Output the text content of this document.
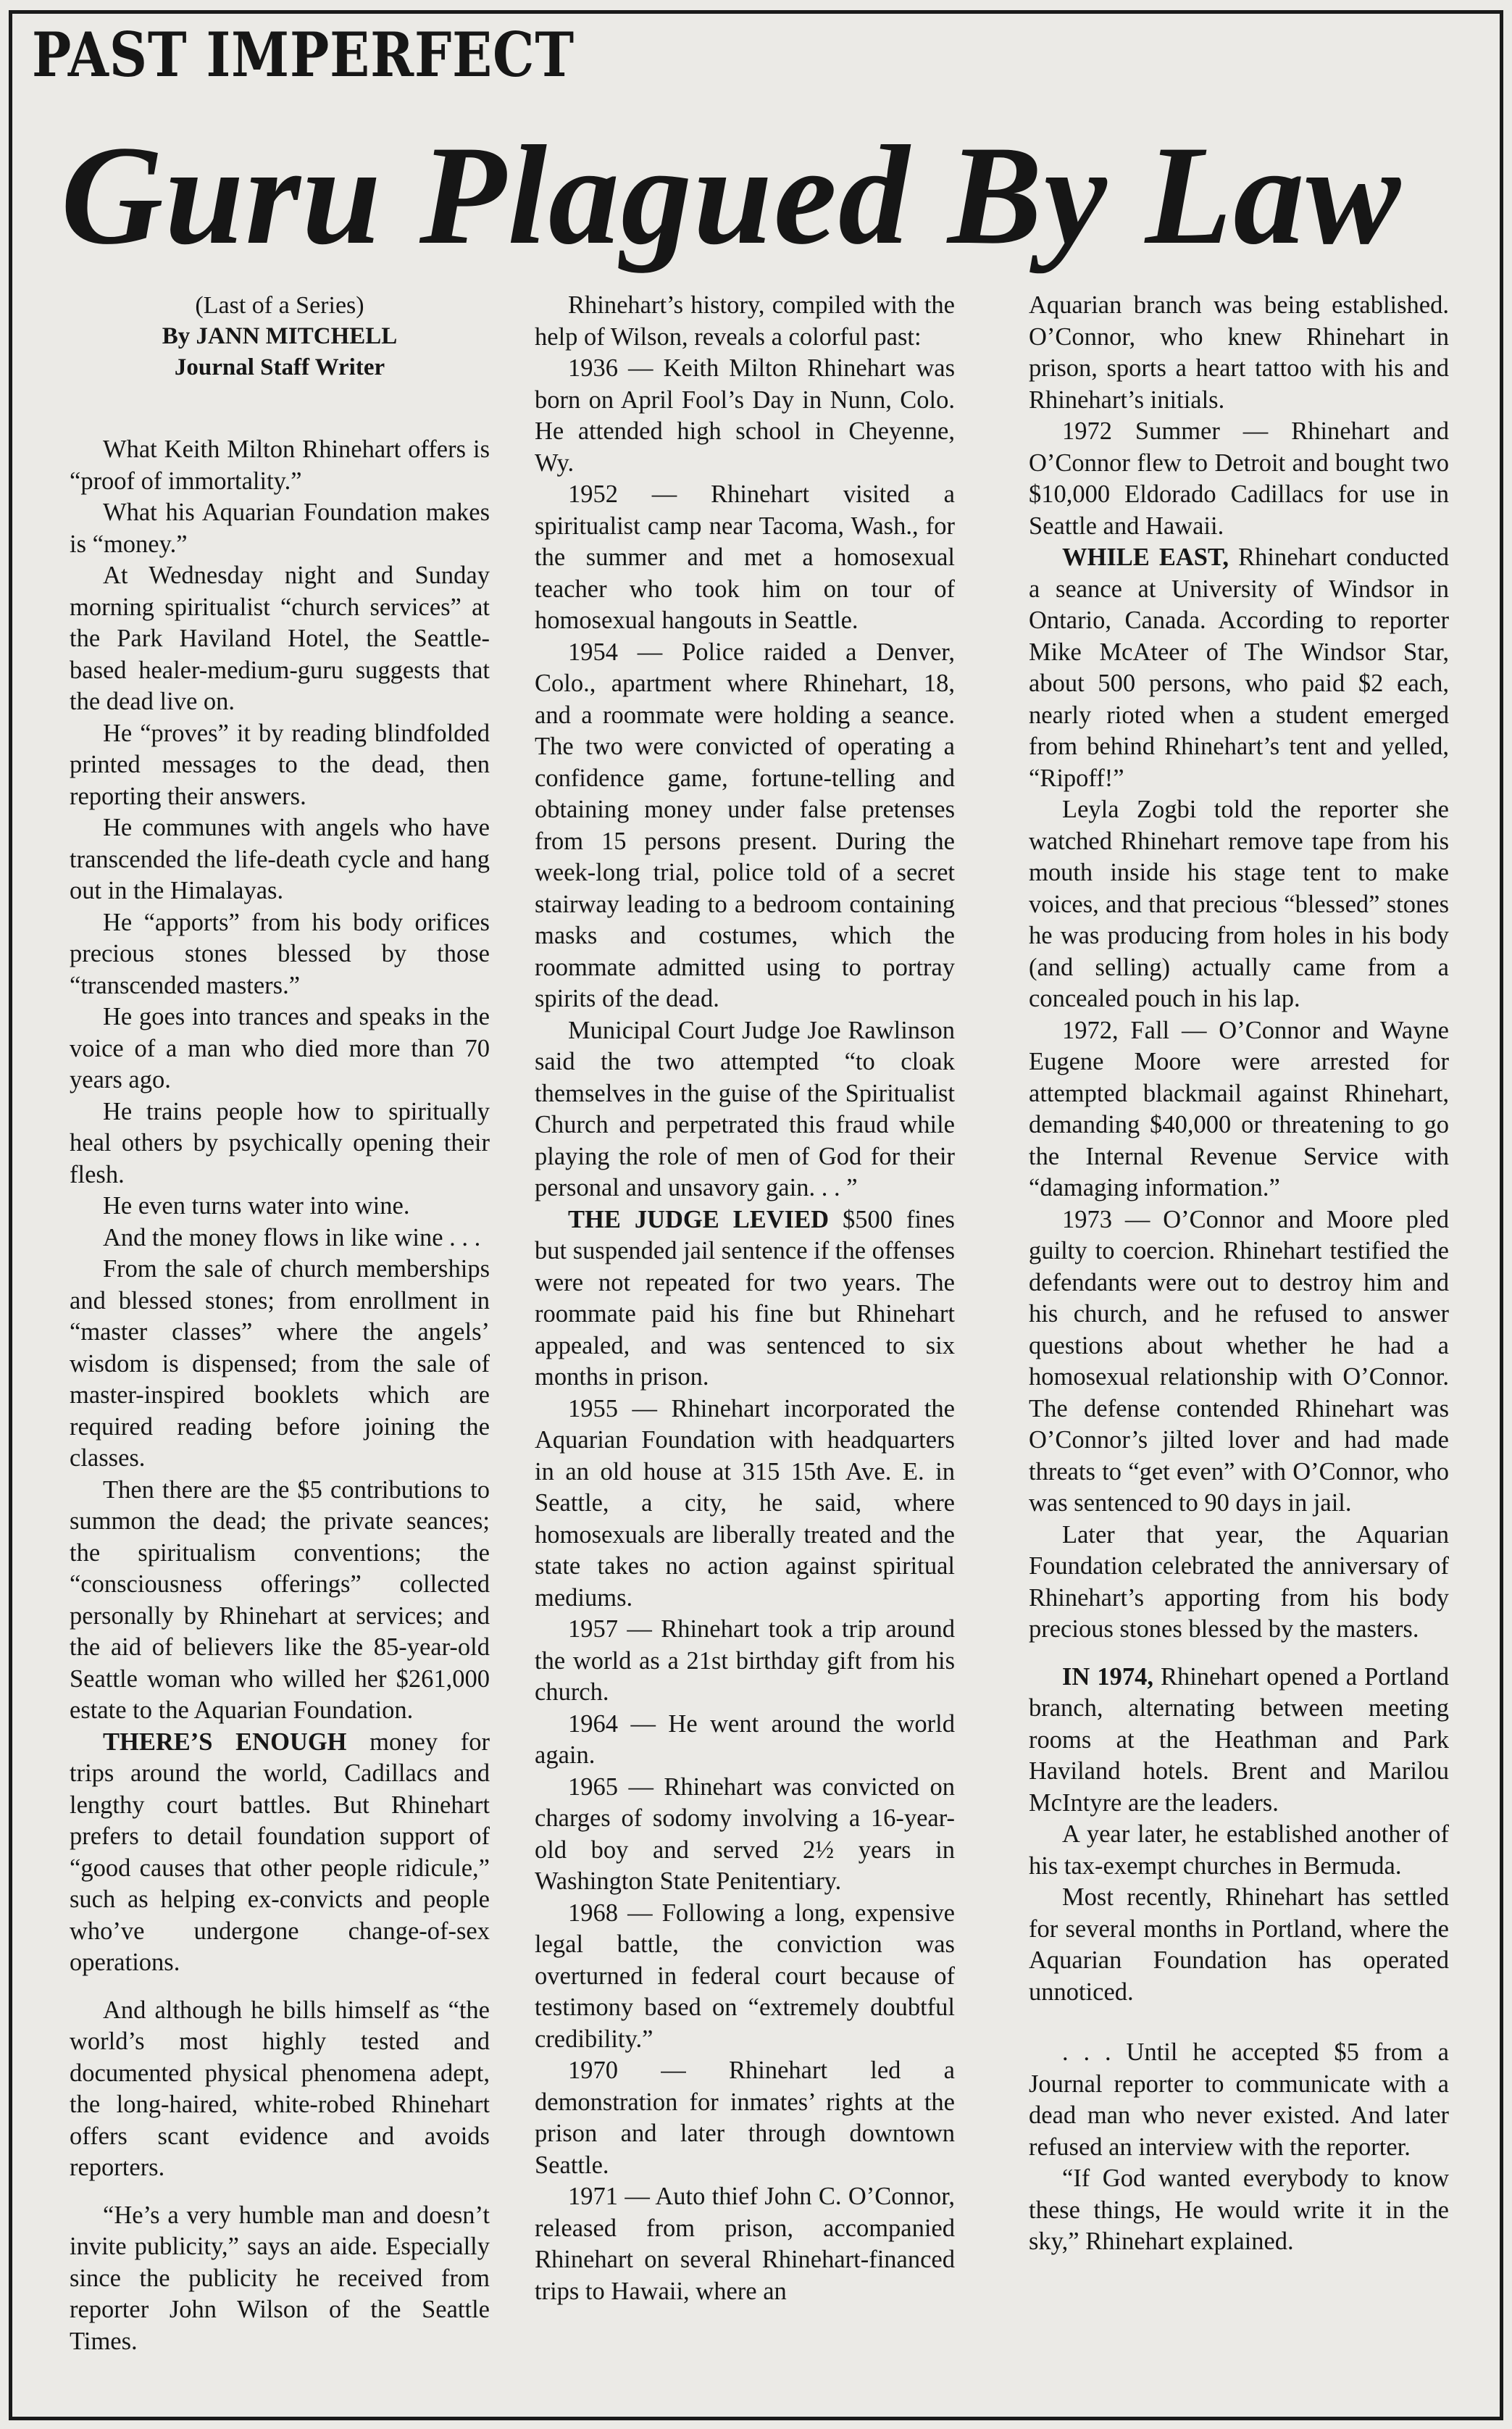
PAST IMPERFECT
Guru Plagued By Law
(Last of a Series)
By JANN MITCHELL
Journal Staff Writer

What Keith Milton Rhinehart offers is “proof of immortality.”

What his Aquarian Foundation makes is “money.”

At Wednesday night and Sunday morning spiritualist “church services” at the Park Haviland Hotel, the Seattle-based healer-medium-guru suggests that the dead live on.

He “proves” it by reading blindfolded printed messages to the dead, then reporting their answers.

He communes with angels who have transcended the life-death cycle and hang out in the Himalayas.

He “apports” from his body orifices precious stones blessed by those “transcended masters.”

He goes into trances and speaks in the voice of a man who died more than 70 years ago.

He trains people how to spiritually heal others by psychically opening their flesh.

He even turns water into wine.

And the money flows in like wine . . .

From the sale of church memberships and blessed stones; from enrollment in “master classes” where the angels’ wisdom is dispensed; from the sale of master-inspired booklets which are required reading before joining the classes.

Then there are the $5 contributions to summon the dead; the private seances; the spiritualism conventions; the “consciousness offerings” collected personally by Rhinehart at services; and the aid of believers like the 85-year-old Seattle woman who willed her $261,000 estate to the Aquarian Foundation.

THERE’S ENOUGH money for trips around the world, Cadillacs and lengthy court battles. But Rhinehart prefers to detail foundation support of “good causes that other people ridicule,” such as helping ex-convicts and people who’ve undergone change-of-sex operations.

And although he bills himself as “the world’s most highly tested and documented physical phenomena adept, the long-haired, white-robed Rhinehart offers scant evidence and avoids reporters.

“He’s a very humble man and doesn’t invite publicity,” says an aide. Especially since the publicity he received from reporter John Wilson of the Seattle Times.

Rhinehart’s history, compiled with the help of Wilson, reveals a colorful past:

1936 — Keith Milton Rhinehart was born on April Fool’s Day in Nunn, Colo. He attended high school in Cheyenne, Wy.

1952 — Rhinehart visited a spiritualist camp near Tacoma, Wash., for the summer and met a homosexual teacher who took him on tour of homosexual hangouts in Seattle.

1954 — Police raided a Denver, Colo., apartment where Rhinehart, 18, and a roommate were holding a seance. The two were convicted of operating a confidence game, fortune-telling and obtaining money under false pretenses from 15 persons present. During the week-long trial, police told of a secret stairway leading to a bedroom containing masks and costumes, which the roommate admitted using to portray spirits of the dead.

Municipal Court Judge Joe Rawlinson said the two attempted “to cloak themselves in the guise of the Spiritualist Church and perpetrated this fraud while playing the role of men of God for their personal and unsavory gain. . . ”

THE JUDGE LEVIED $500 fines but suspended jail sentence if the offenses were not repeated for two years. The roommate paid his fine but Rhinehart appealed, and was sentenced to six months in prison.

1955 — Rhinehart incorporated the Aquarian Foundation with headquarters in an old house at 315 15th Ave. E. in Seattle, a city, he said, where homosexuals are liberally treated and the state takes no action against spiritual mediums.

1957 — Rhinehart took a trip around the world as a 21st birthday gift from his church.

1964 — He went around the world again.

1965 — Rhinehart was convicted on charges of sodomy involving a 16-year-old boy and served 2½ years in Washington State Penitentiary.

1968 — Following a long, expensive legal battle, the conviction was overturned in federal court because of testimony based on “extremely doubtful credibility.”

1970 — Rhinehart led a demonstration for inmates’ rights at the prison and later through downtown Seattle.

1971 — Auto thief John C. O’Connor, released from prison, accompanied Rhinehart on several Rhinehart-financed trips to Hawaii, where an

Aquarian branch was being established. O’Connor, who knew Rhinehart in prison, sports a heart tattoo with his and Rhinehart’s initials.

1972 Summer — Rhinehart and O’Connor flew to Detroit and bought two $10,000 Eldorado Cadillacs for use in Seattle and Hawaii.

WHILE EAST, Rhinehart conducted a seance at University of Windsor in Ontario, Canada. According to reporter Mike McAteer of The Windsor Star, about 500 persons, who paid $2 each, nearly rioted when a student emerged from behind Rhinehart’s tent and yelled, “Ripoff!”

Leyla Zogbi told the reporter she watched Rhinehart remove tape from his mouth inside his stage tent to make voices, and that precious “blessed” stones he was producing from holes in his body (and selling) actually came from a concealed pouch in his lap.

1972, Fall — O’Connor and Wayne Eugene Moore were arrested for attempted blackmail against Rhinehart, demanding $40,000 or threatening to go the Internal Revenue Service with “damaging information.”

1973 — O’Connor and Moore pled guilty to coercion. Rhinehart testified the defendants were out to destroy him and his church, and he refused to answer questions about whether he had a homosexual relationship with O’Connor. The defense contended Rhinehart was O’Connor’s jilted lover and had made threats to “get even” with O’Connor, who was sentenced to 90 days in jail.

Later that year, the Aquarian Foundation celebrated the anniversary of Rhinehart’s apporting from his body precious stones blessed by the masters.

IN 1974, Rhinehart opened a Portland branch, alternating between meeting rooms at the Heathman and Park Haviland hotels. Brent and Marilou McIntyre are the leaders.

A year later, he established another of his tax-exempt churches in Bermuda.

Most recently, Rhinehart has settled for several months in Portland, where the Aquarian Foundation has operated unnoticed.

. . . Until he accepted $5 from a Journal reporter to communicate with a dead man who never existed. And later refused an interview with the reporter.

“If God wanted everybody to know these things, He would write it in the sky,” Rhinehart explained.
